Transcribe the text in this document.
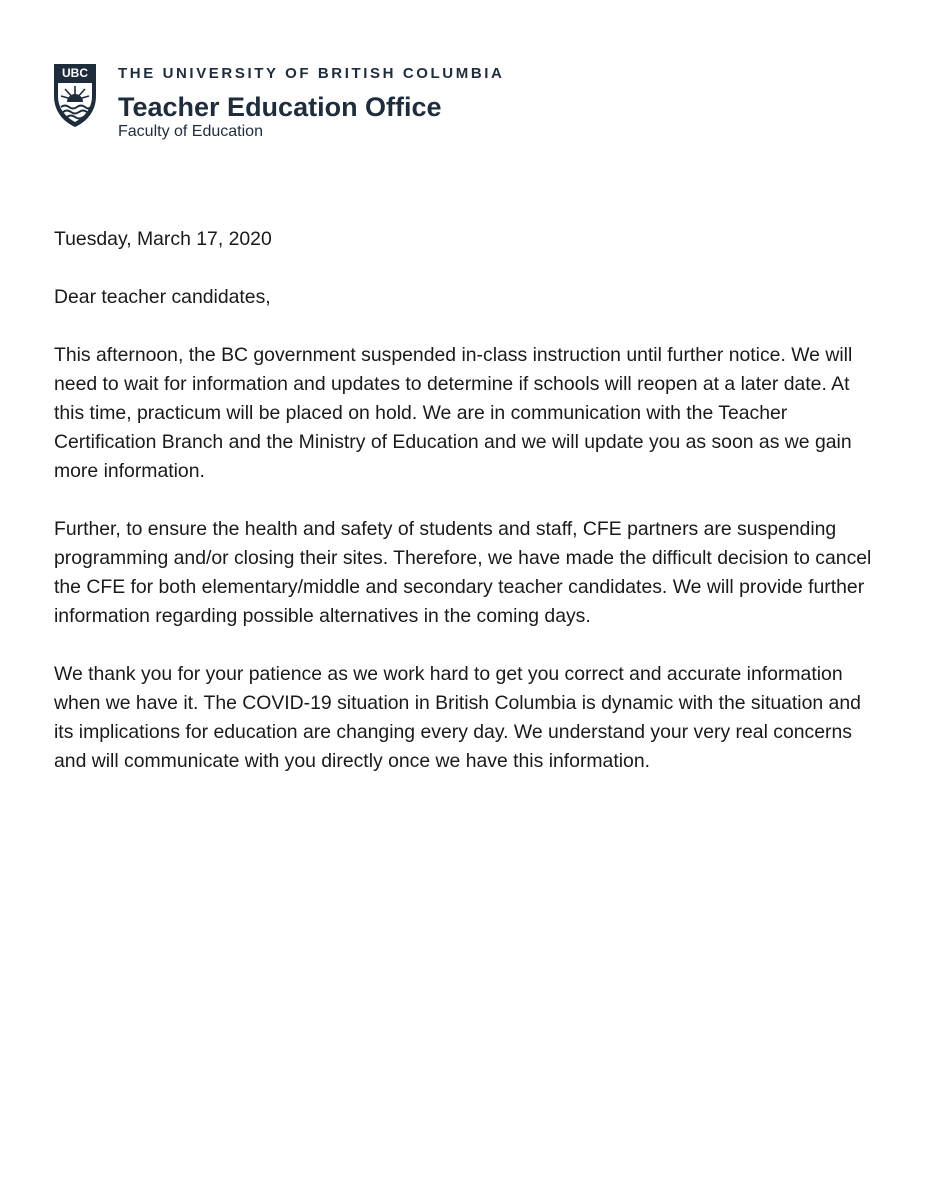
UBC THE UNIVERSITY OF BRITISH COLUMBIA
Teacher Education Office
Faculty of Education

Tuesday, March 17, 2020

Dear teacher candidates,

This afternoon, the BC government suspended in-class instruction until further notice. We will need to wait for information and updates to determine if schools will reopen at a later date. At this time, practicum will be placed on hold. We are in communication with the Teacher Certification Branch and the Ministry of Education and we will update you as soon as we gain more information.

Further, to ensure the health and safety of students and staff, CFE partners are suspending programming and/or closing their sites. Therefore, we have made the difficult decision to cancel the CFE for both elementary/middle and secondary teacher candidates. We will provide further information regarding possible alternatives in the coming days.

We thank you for your patience as we work hard to get you correct and accurate information when we have it. The COVID-19 situation in British Columbia is dynamic with the situation and its implications for education are changing every day. We understand your very real concerns and will communicate with you directly once we have this information.
